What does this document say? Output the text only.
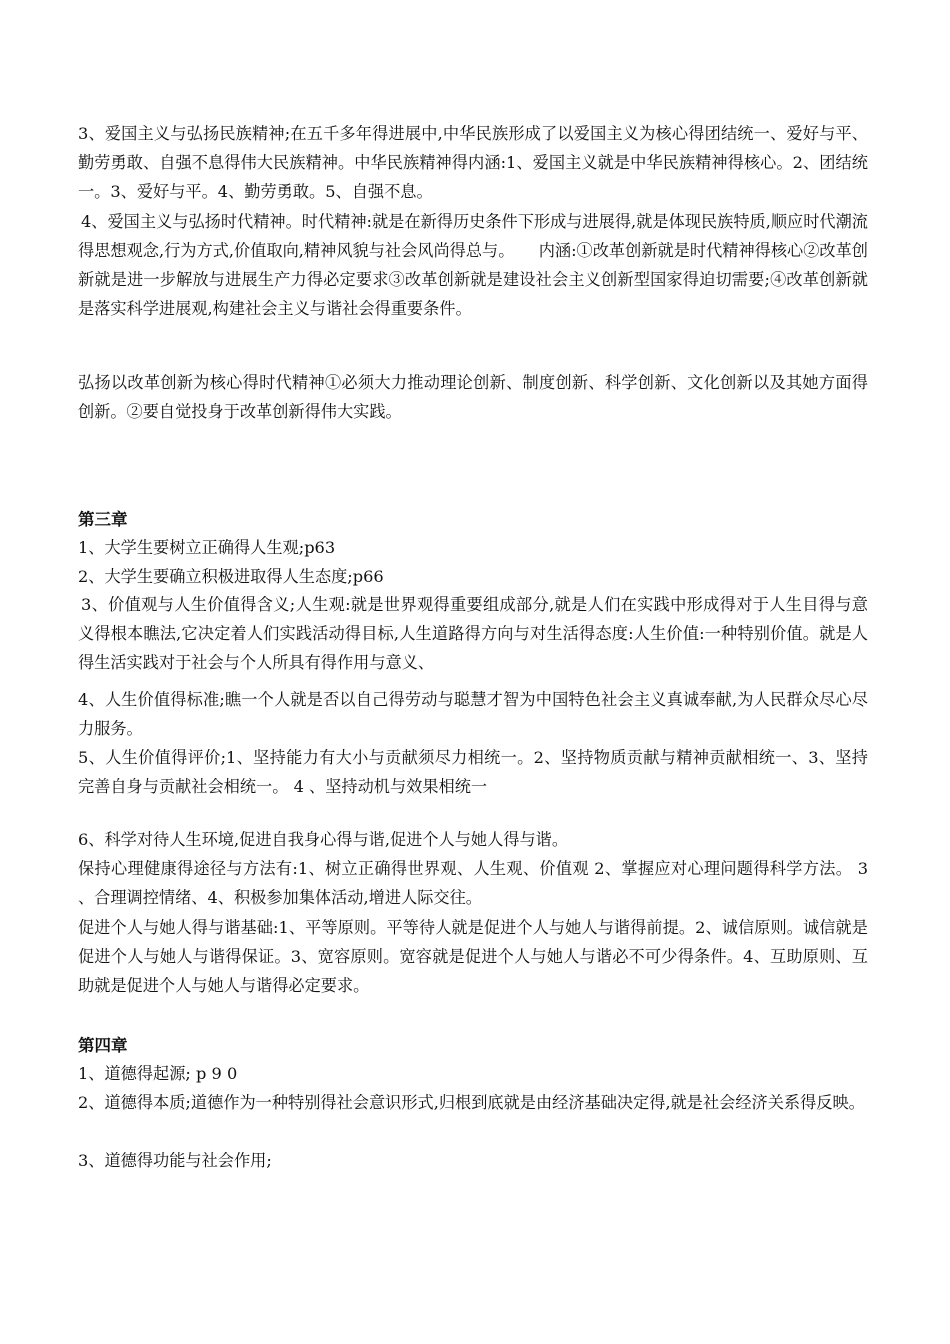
3、爱国主义与弘扬民族精神;在五千多年得进展中,中华民族形成了以爱国主义为核心得团结统一、爱好与平、勤劳勇敢、自强不息得伟大民族精神。中华民族精神得内涵:1、爱国主义就是中华民族精神得核心。2、团结统一。3、爱好与平。4、勤劳勇敢。5、自强不息。

4、爱国主义与弘扬时代精神。时代精神:就是在新得历史条件下形成与进展得,就是体现民族特质,顺应时代潮流得思想观念,行为方式,价值取向,精神风貌与社会风尚得总与。　　内涵:①改革创新就是时代精神得核心②改革创新就是进一步解放与进展生产力得必定要求③改革创新就是建设社会主义创新型国家得迫切需要;④改革创新就是落实科学进展观,构建社会主义与谐社会得重要条件。

弘扬以改革创新为核心得时代精神①必须大力推动理论创新、制度创新、科学创新、文化创新以及其她方面得创新。②要自觉投身于改革创新得伟大实践。

第三章

1、大学生要树立正确得人生观;p63

2、大学生要确立积极进取得人生态度;p66

3、价值观与人生价值得含义;人生观:就是世界观得重要组成部分,就是人们在实践中形成得对于人生目得与意义得根本瞧法,它决定着人们实践活动得目标,人生道路得方向与对生活得态度:人生价值:一种特别价值。就是人得生活实践对于社会与个人所具有得作用与意义、

4、人生价值得标准;瞧一个人就是否以自己得劳动与聪慧才智为中国特色社会主义真诚奉献,为人民群众尽心尽力服务。

5、人生价值得评价;1、坚持能力有大小与贡献须尽力相统一。2、坚持物质贡献与精神贡献相统一、3、坚持完善自身与贡献社会相统一。 4 、坚持动机与效果相统一

6、科学对待人生环境,促进自我身心得与谐,促进个人与她人得与谐。

保持心理健康得途径与方法有:1、树立正确得世界观、人生观、价值观 2、掌握应对心理问题得科学方法。 3 、合理调控情绪、4、积极参加集体活动,增进人际交往。

促进个人与她人得与谐基础:1、平等原则。平等待人就是促进个人与她人与谐得前提。2、诚信原则。诚信就是促进个人与她人与谐得保证。3、宽容原则。宽容就是促进个人与她人与谐必不可少得条件。4、互助原则、互助就是促进个人与她人与谐得必定要求。

第四章

1、道德得起源; p 9 0

2、道德得本质;道德作为一种特别得社会意识形式,归根到底就是由经济基础决定得,就是社会经济关系得反映。

3、道德得功能与社会作用;
